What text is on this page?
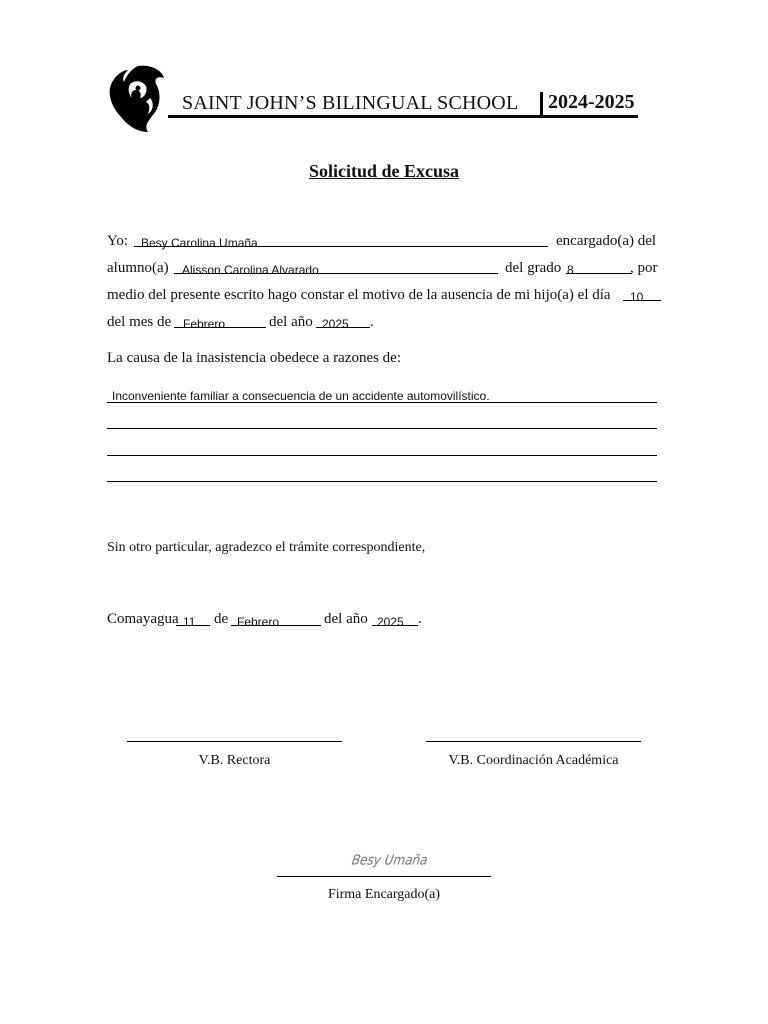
SAINT JOHN’S BILINGUAL SCHOOL 2024-2025
Solicitud de Excusa
Yo: Besy Carolina Umaña	encargado(a) del
alumno(a) Alisson Carolina Alvarado	del grado 8	, por
medio del presente escrito hago constar el motivo de la ausencia de mi hijo(a) el día 10
del mes de Febrero	del año 2025 .
La causa de la inasistencia obedece a razones de:
Inconveniente familiar a consecuencia de un accidente automovilístico.
Sin otro particular, agradezco el trámite correspondiente,
Comayagua 11 de Febrero	del año 2025 .
V.B. Rectora	V.B. Coordinación Académica
Besy Umaña
Firma Encargado(a)
